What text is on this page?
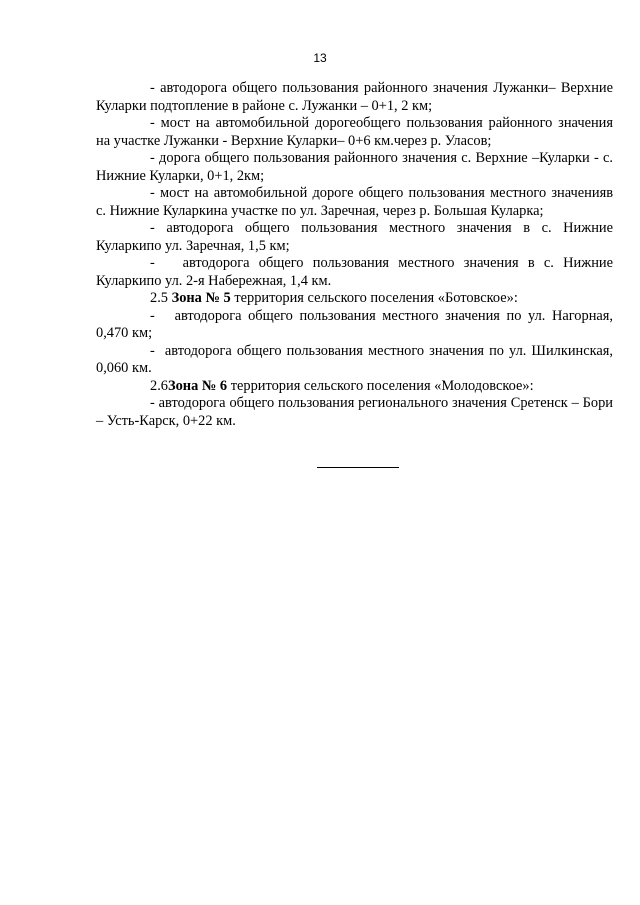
13

- автодорога общего пользования районного значения Лужанки– Верхние Куларки подтопление в районе с. Лужанки – 0+1, 2 км;

- мост на автомобильной дорогеобщего пользования районного значения на участке Лужанки - Верхние Куларки– 0+6 км.через р. Уласов;

- дорога общего пользования районного значения с. Верхние –Куларки - с. Нижние Куларки, 0+1, 2км;

- мост на автомобильной дороге общего пользования местного значенияв с. Нижние Куларкина участке по ул. Заречная, через р. Большая Куларка;

- автодорога общего пользования местного значения в с. Нижние Куларкипо ул. Заречная, 1,5 км;

-   автодорога общего пользования местного значения в с. Нижние Куларкипо ул. 2-я Набережная, 1,4 км.

2.5 Зона № 5 территория сельского поселения «Ботовское»:

-   автодорога общего пользования местного значения по ул. Нагорная, 0,470 км;

-  автодорога общего пользования местного значения по ул. Шилкинская, 0,060 км.

2.6Зона № 6 территория сельского поселения «Молодовское»:

- автодорога общего пользования регионального значения Сретенск – Бори – Усть-Карск, 0+22 км.
